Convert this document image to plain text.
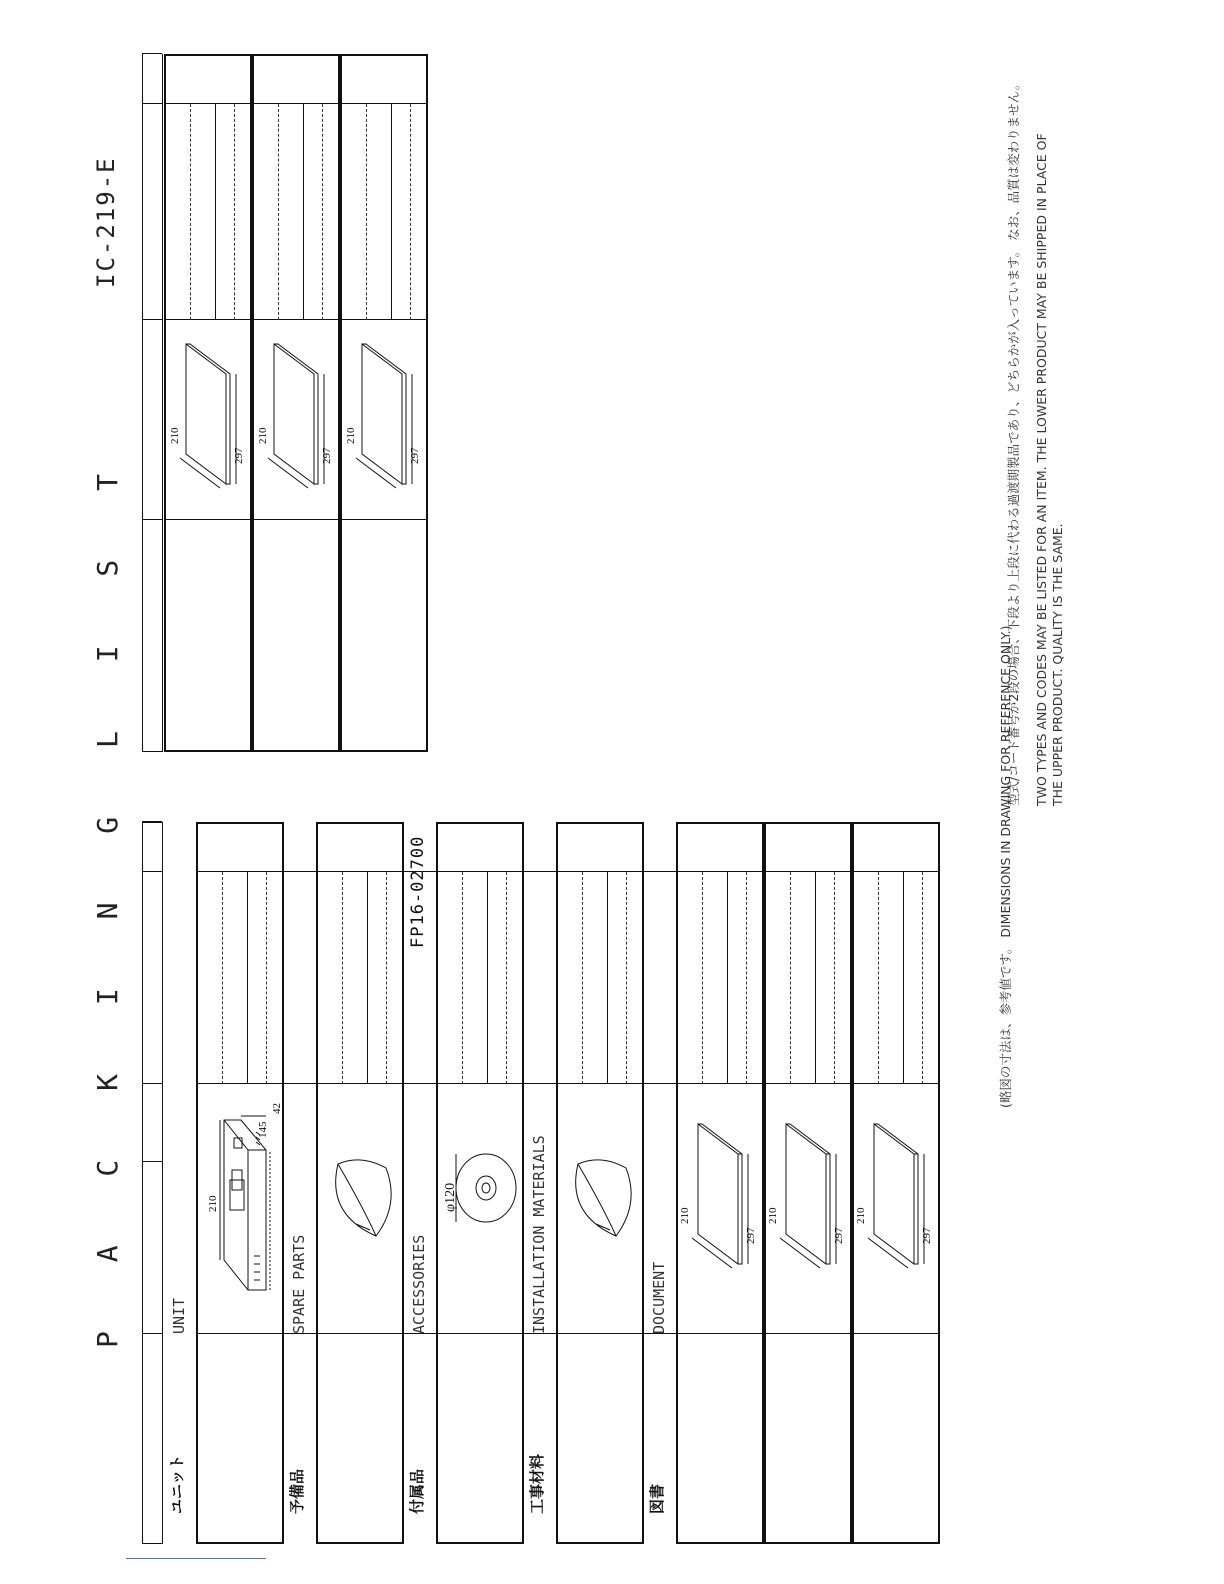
P A C K I N G L I S T
IC-219-E
ユニット
UNIT
予備品
SPARE PARTS
付属品
ACCESSORIES
FP16-02700
工事材料
INSTALLATION MATERIALS
図書
DOCUMENT
210
145
42
φ120
210
297
210
297
210
297
210
297
210
297
210
297	型式/コード番号が2段の場合、下段より上段に代わる過渡期製品であり、どちらかが入っています。 なお、品質は変わりません。 TWO TYPES AND CODES MAY BE LISTED FOR AN ITEM. THE LOWER PRODUCT MAY BE SHIPPED IN PLACE OF THE UPPER PRODUCT. QUALITY IS THE SAME.
(略図の寸法は、参考値です。 DIMENSIONS IN DRAWING FOR REFERENCE ONLY.)
